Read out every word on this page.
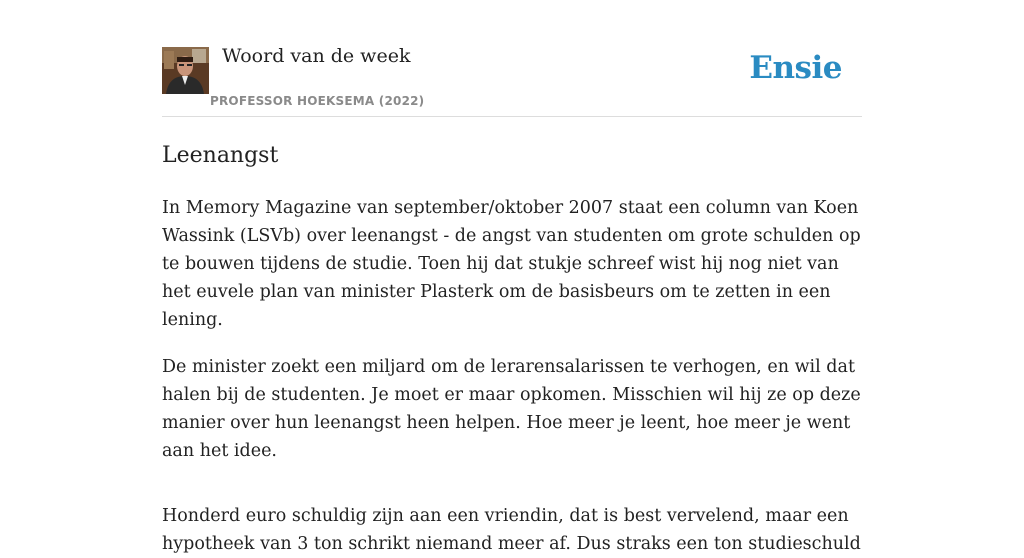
Woord van de week
PROFESSOR HOEKSEMA (2022)
Ensie
Leenangst

In Memory Magazine van september/oktober 2007 staat een column van Koen Wassink (LSVb) over leenangst - de angst van studenten om grote schulden op te bouwen tijdens de studie. Toen hij dat stukje schreef wist hij nog niet van het euvele plan van minister Plasterk om de basisbeurs om te zetten in een lening.

De minister zoekt een miljard om de lerarensalarissen te verhogen, en wil dat halen bij de studenten. Je moet er maar opkomen. Misschien wil hij ze op deze manier over hun leenangst heen helpen. Hoe meer je leent, hoe meer je went aan het idee.

Honderd euro schuldig zijn aan een vriendin, dat is best vervelend, maar een hypotheek van 3 ton schrikt niemand meer af. Dus straks een ton studieschuld
